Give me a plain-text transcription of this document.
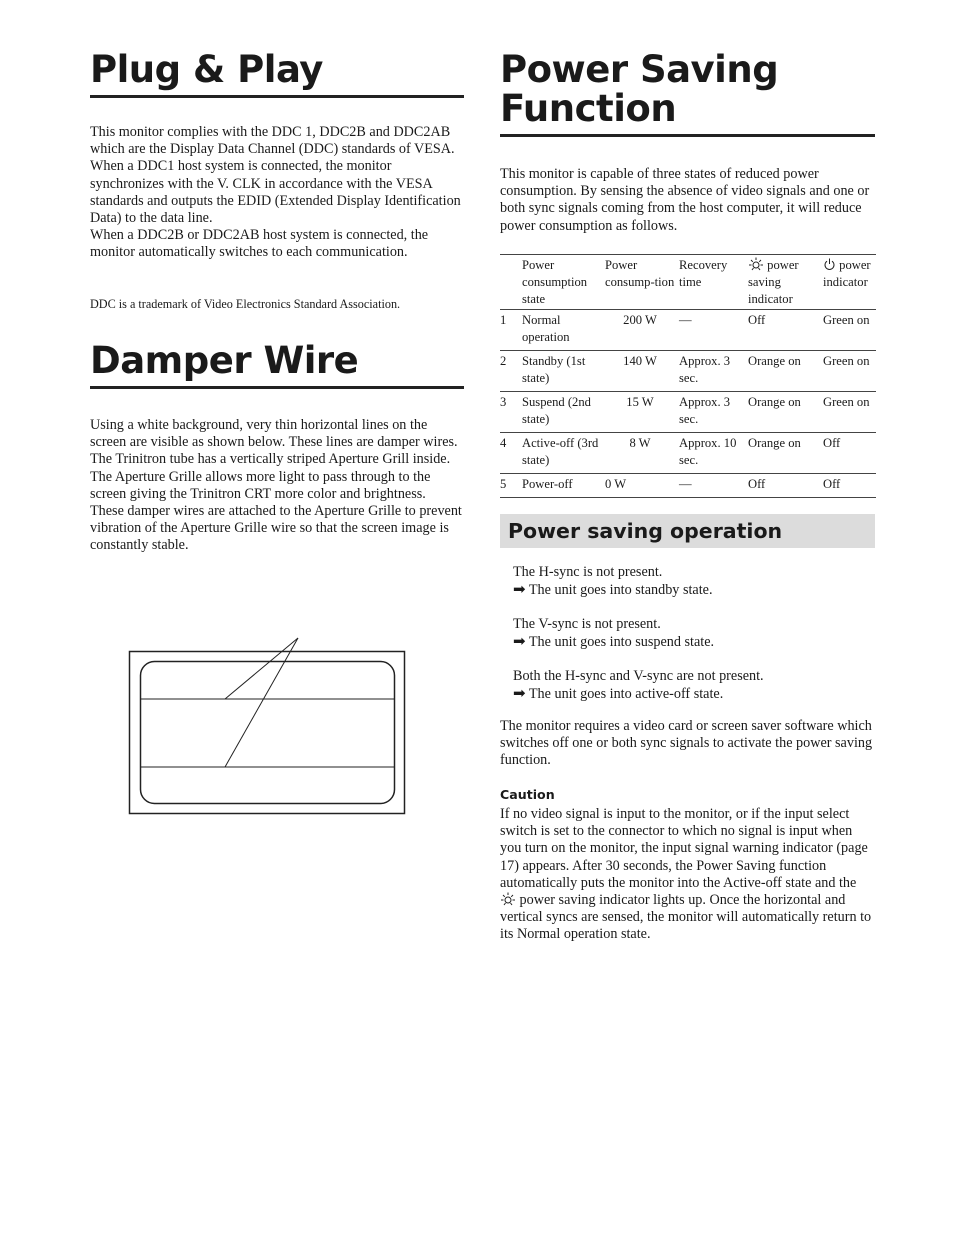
Plug & Play

This monitor complies with the DDC 1, DDC2B and DDC2AB which are the Display Data Channel (DDC) standards of VESA.

When a DDC1 host system is connected, the monitor synchronizes with the V. CLK in accordance with the VESA standards and outputs the EDID (Extended Display Identification Data) to the data line.

When a DDC2B or DDC2AB host system is connected, the monitor automatically switches to each communication.

DDC is a trademark of Video Electronics Standard Association.

Damper Wire

Using a white background, very thin horizontal lines on the screen are visible as shown below. These lines are damper wires.

The Trinitron tube has a vertically striped Aperture Grill inside. The Aperture Grille allows more light to pass through to the screen giving the Trinitron CRT more color and brightness.

These damper wires are attached to the Aperture Grille to prevent vibration of the Aperture Grille wire so that the screen image is constantly stable.

Power Saving
Function

This monitor is capable of three states of reduced power consumption. By sensing the absence of video signals and one or both sync signals coming from the host computer, it will reduce power consumption as follows.

	Power consumption state	Power consump-tion	Recovery time	power saving indicator	power indicator
1	Normal operation	200 W	—	Off	Green on
2	Standby (1st state)	140 W	Approx. 3 sec.	Orange on	Green on
3	Suspend (2nd state)	15 W	Approx. 3 sec.	Orange on	Green on
4	Active-off (3rd state)	8 W	Approx. 10 sec.	Orange on	Off
5	Power-off	0 W	—	Off	Off
Power saving operation

The H-sync is not present.

➡ The unit goes into standby state.

The V-sync is not present.

➡ The unit goes into suspend state.

Both the H-sync and V-sync are not present.

➡ The unit goes into active-off state.

The monitor requires a video card or screen saver software which switches off one or both sync signals to activate the power saving function.

Caution

If no video signal is input to the monitor, or if the input select switch is set to the connector to which no signal is input when you turn on the monitor, the input signal warning indicator (page 17) appears. After 30 seconds, the Power Saving function automatically puts the monitor into the Active-off state and the  power saving indicator lights up. Once the horizontal and vertical syncs are sensed, the monitor will automatically return to its Normal operation state.
